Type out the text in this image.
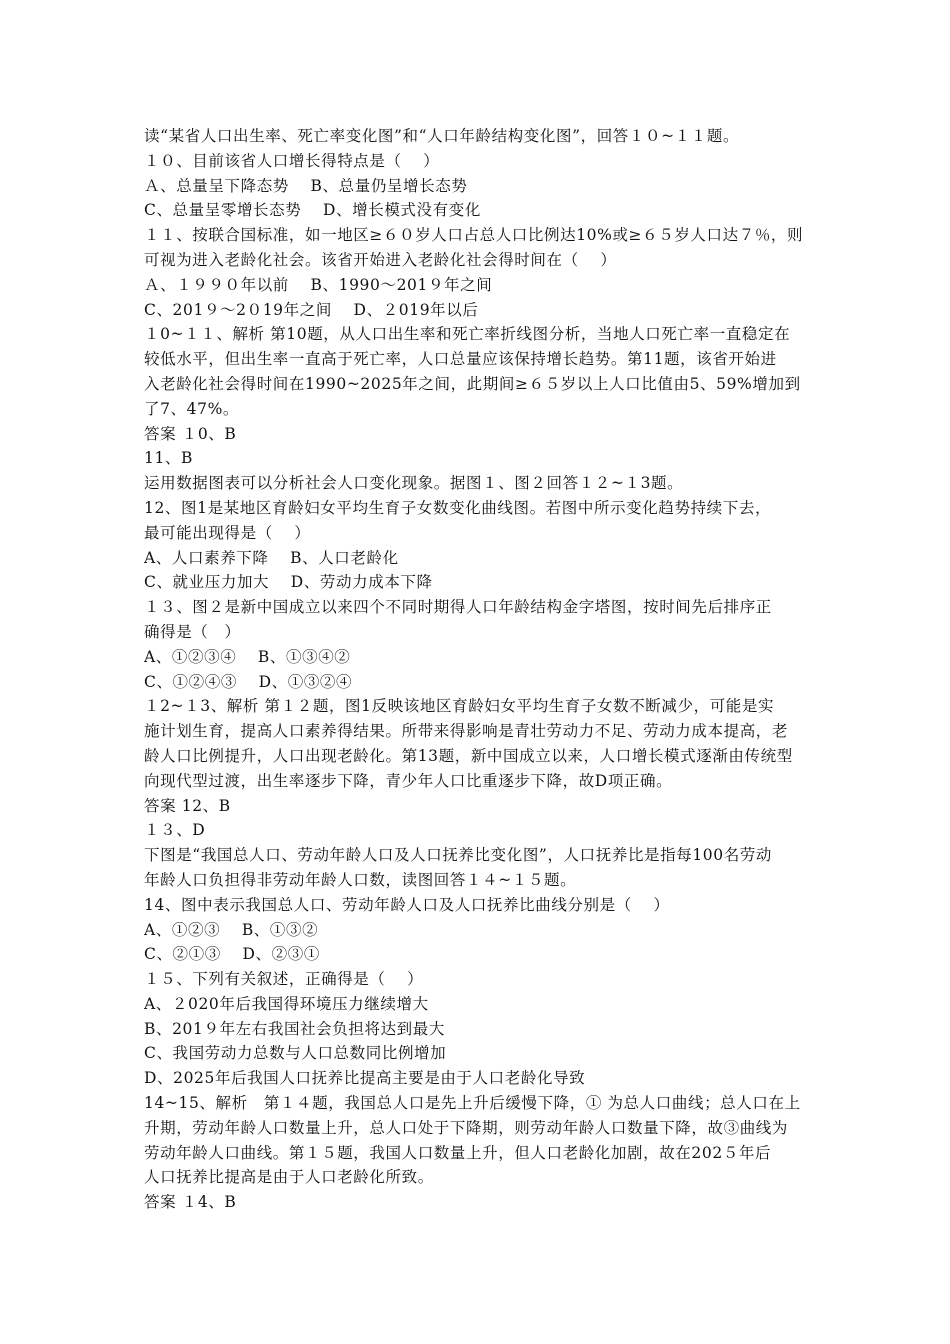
读“某省人口出生率、死亡率变化图”和“人口年龄结构变化图”，回答１０~１１题。
１０、目前该省人口增长得特点是（　 ）
Ａ、总量呈下降态势　 B、总量仍呈增长态势
C、总量呈零增长态势　 D、增长模式没有变化
１１、按联合国标准，如一地区≥６０岁人口占总人口比例达10%或≥６５岁人口达７％，则
可视为进入老龄化社会。该省开始进入老龄化社会得时间在（　 ）
Ａ、１９９０年以前　 B、1990～201９年之间
C、201９～2０19年之间　 D、２019年以后
１0~１１、解析 第10题，从人口出生率和死亡率折线图分析，当地人口死亡率一直稳定在
较低水平，但出生率一直高于死亡率，人口总量应该保持增长趋势。第11题，该省开始进
入老龄化社会得时间在1990~2025年之间，此期间≥６５岁以上人口比值由5、59%增加到
了7、47%。
答案 １0、B
11、B
运用数据图表可以分析社会人口变化现象。据图１、图２回答１２~１3题。
12、图1是某地区育龄妇女平均生育子女数变化曲线图。若图中所示变化趋势持续下去，
最可能出现得是（　 ）
A、人口素养下降　 B、人口老龄化
C、就业压力加大　 D、劳动力成本下降
１３、图２是新中国成立以来四个不同时期得人口年龄结构金字塔图，按时间先后排序正
确得是（　）
A、①②③④　 B、①③④②
C、①②④③　 D、①③②④
１2~１3、解析 第１２题，图1反映该地区育龄妇女平均生育子女数不断减少，可能是实
施计划生育，提高人口素养得结果。所带来得影响是青壮劳动力不足、劳动力成本提高，老
龄人口比例提升，人口出现老龄化。第13题，新中国成立以来，人口增长模式逐渐由传统型
向现代型过渡，出生率逐步下降，青少年人口比重逐步下降，故D项正确。
答案 12、B
１３、D
下图是“我国总人口、劳动年龄人口及人口抚养比变化图”，人口抚养比是指每100名劳动
年龄人口负担得非劳动年龄人口数，读图回答１４~１５题。
14、图中表示我国总人口、劳动年龄人口及人口抚养比曲线分别是（　 ）
A、①②③　 B、①③②
C、②①③　 D、②③①
１５、下列有关叙述，正确得是（　 ）
A、２020年后我国得环境压力继续增大
B、201９年左右我国社会负担将达到最大
C、我国劳动力总数与人口总数同比例增加
D、2025年后我国人口抚养比提高主要是由于人口老龄化导致
14~15、解析　第１４题，我国总人口是先上升后缓慢下降，① 为总人口曲线；总人口在上
升期，劳动年龄人口数量上升，总人口处于下降期，则劳动年龄人口数量下降，故③曲线为
劳动年龄人口曲线。第１５题，我国人口数量上升，但人口老龄化加剧，故在202５年后
人口抚养比提高是由于人口老龄化所致。
答案 １4、B
